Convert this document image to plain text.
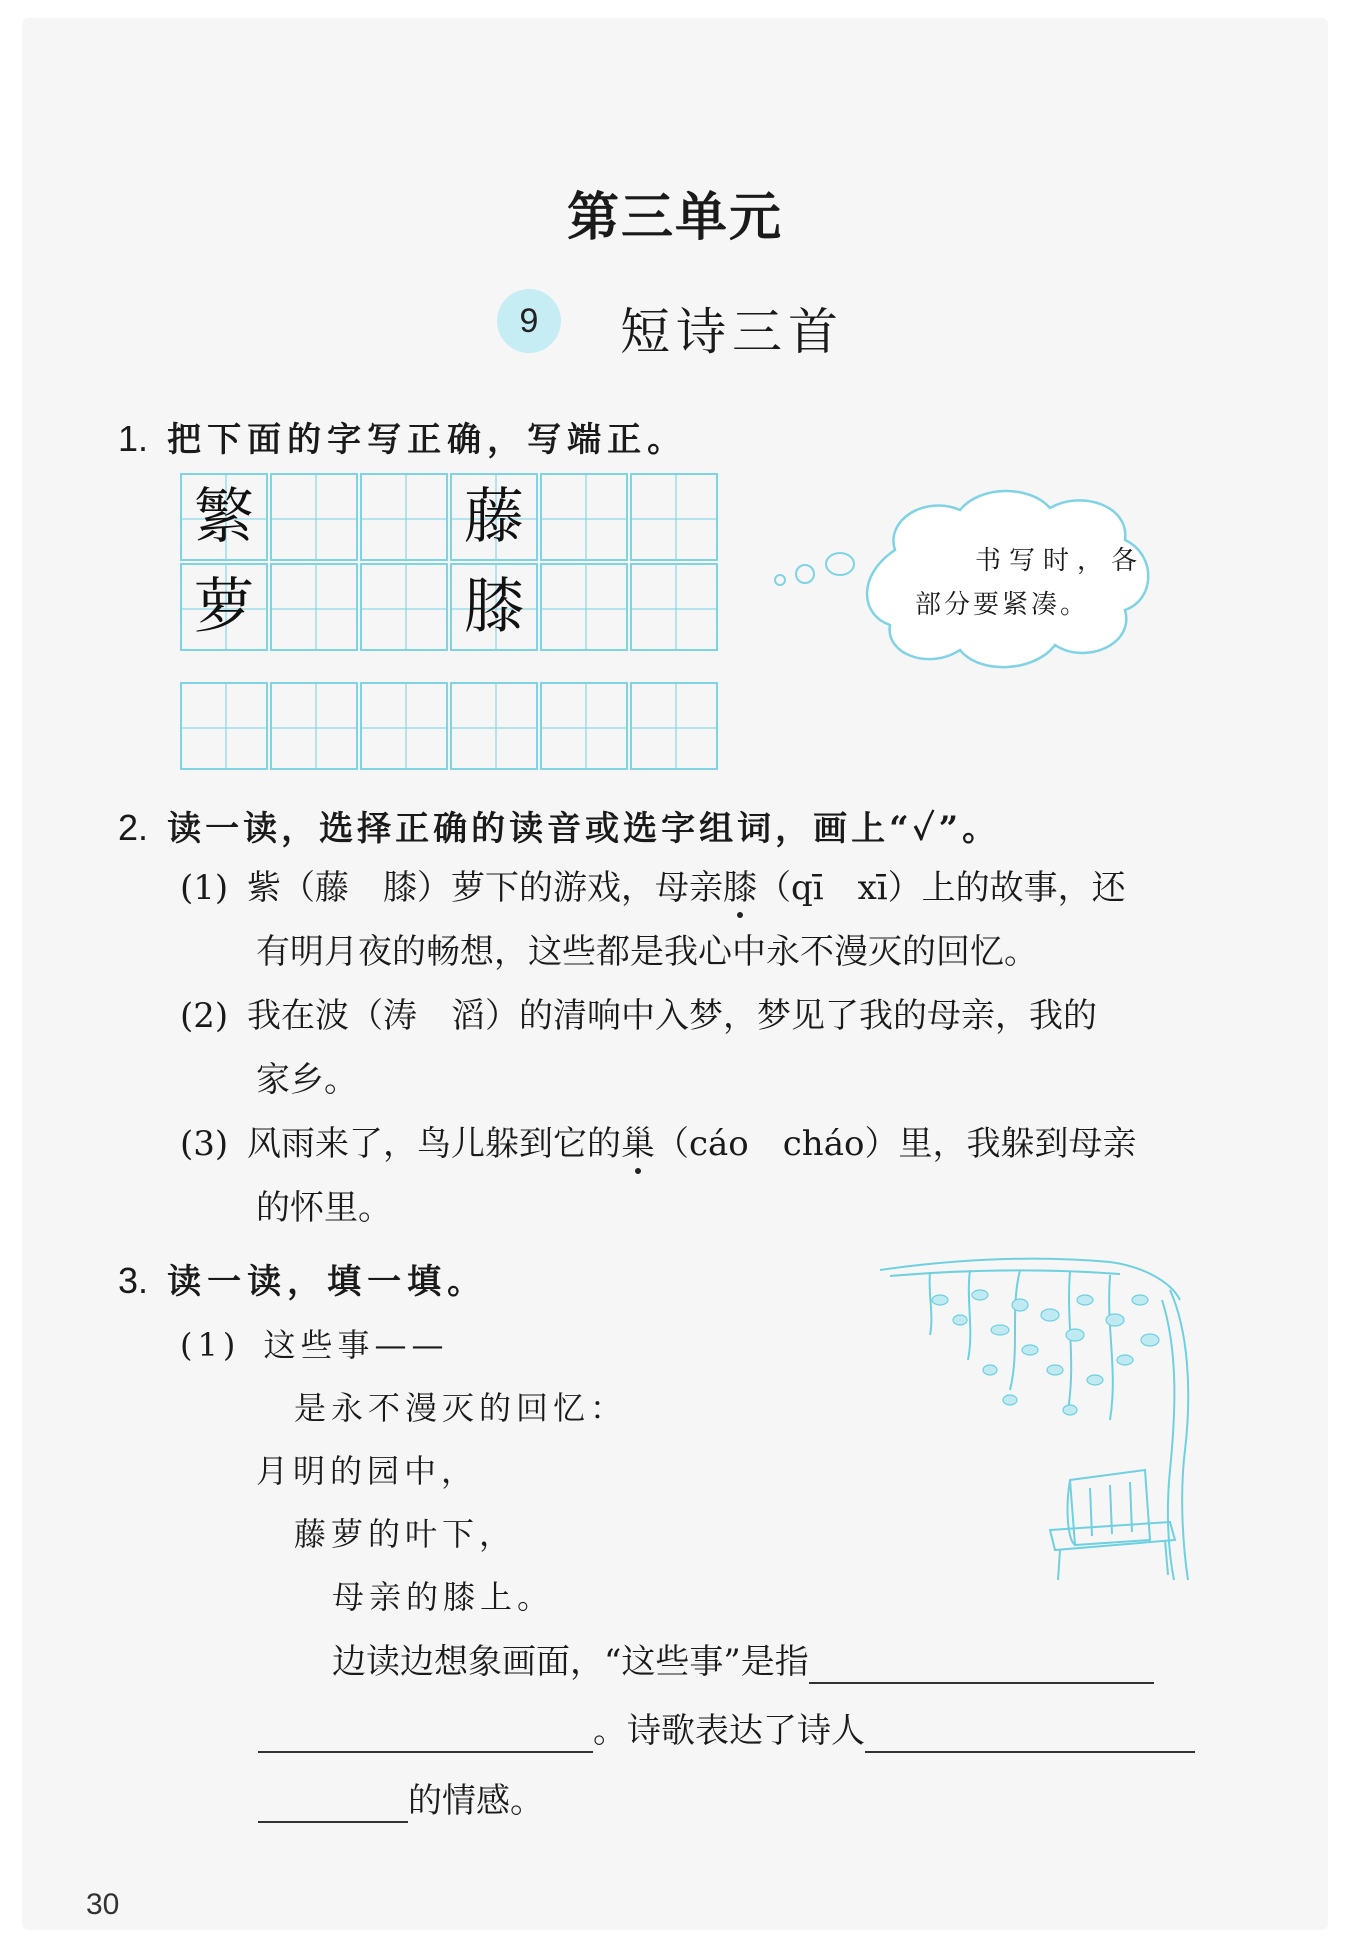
第三单元
9	短诗三首
1. 把下面的字写正确，写端正。
繁	藤
萝	膝
书写时，各
部分要紧凑。
2. 读一读，选择正确的读音或选字组词，画上“✓”。
(1) 紫（藤　膝）萝下的游戏，母亲膝（qī　xī）上的故事，还
有明月夜的畅想，这些都是我心中永不漫灭的回忆。
(2) 我在波（涛　滔）的清响中入梦，梦见了我的母亲，我的
家乡。
(3) 风雨来了，鸟儿躲到它的巢（cáo　cháo）里，我躲到母亲
的怀里。
3. 读一读，填一填。
(1) 这些事——
是永不漫灭的回忆：
月明的园中，
藤萝的叶下，
母亲的膝上。
边读边想象画面，“这些事”是指
。诗歌表达了诗人
的情感。
30
